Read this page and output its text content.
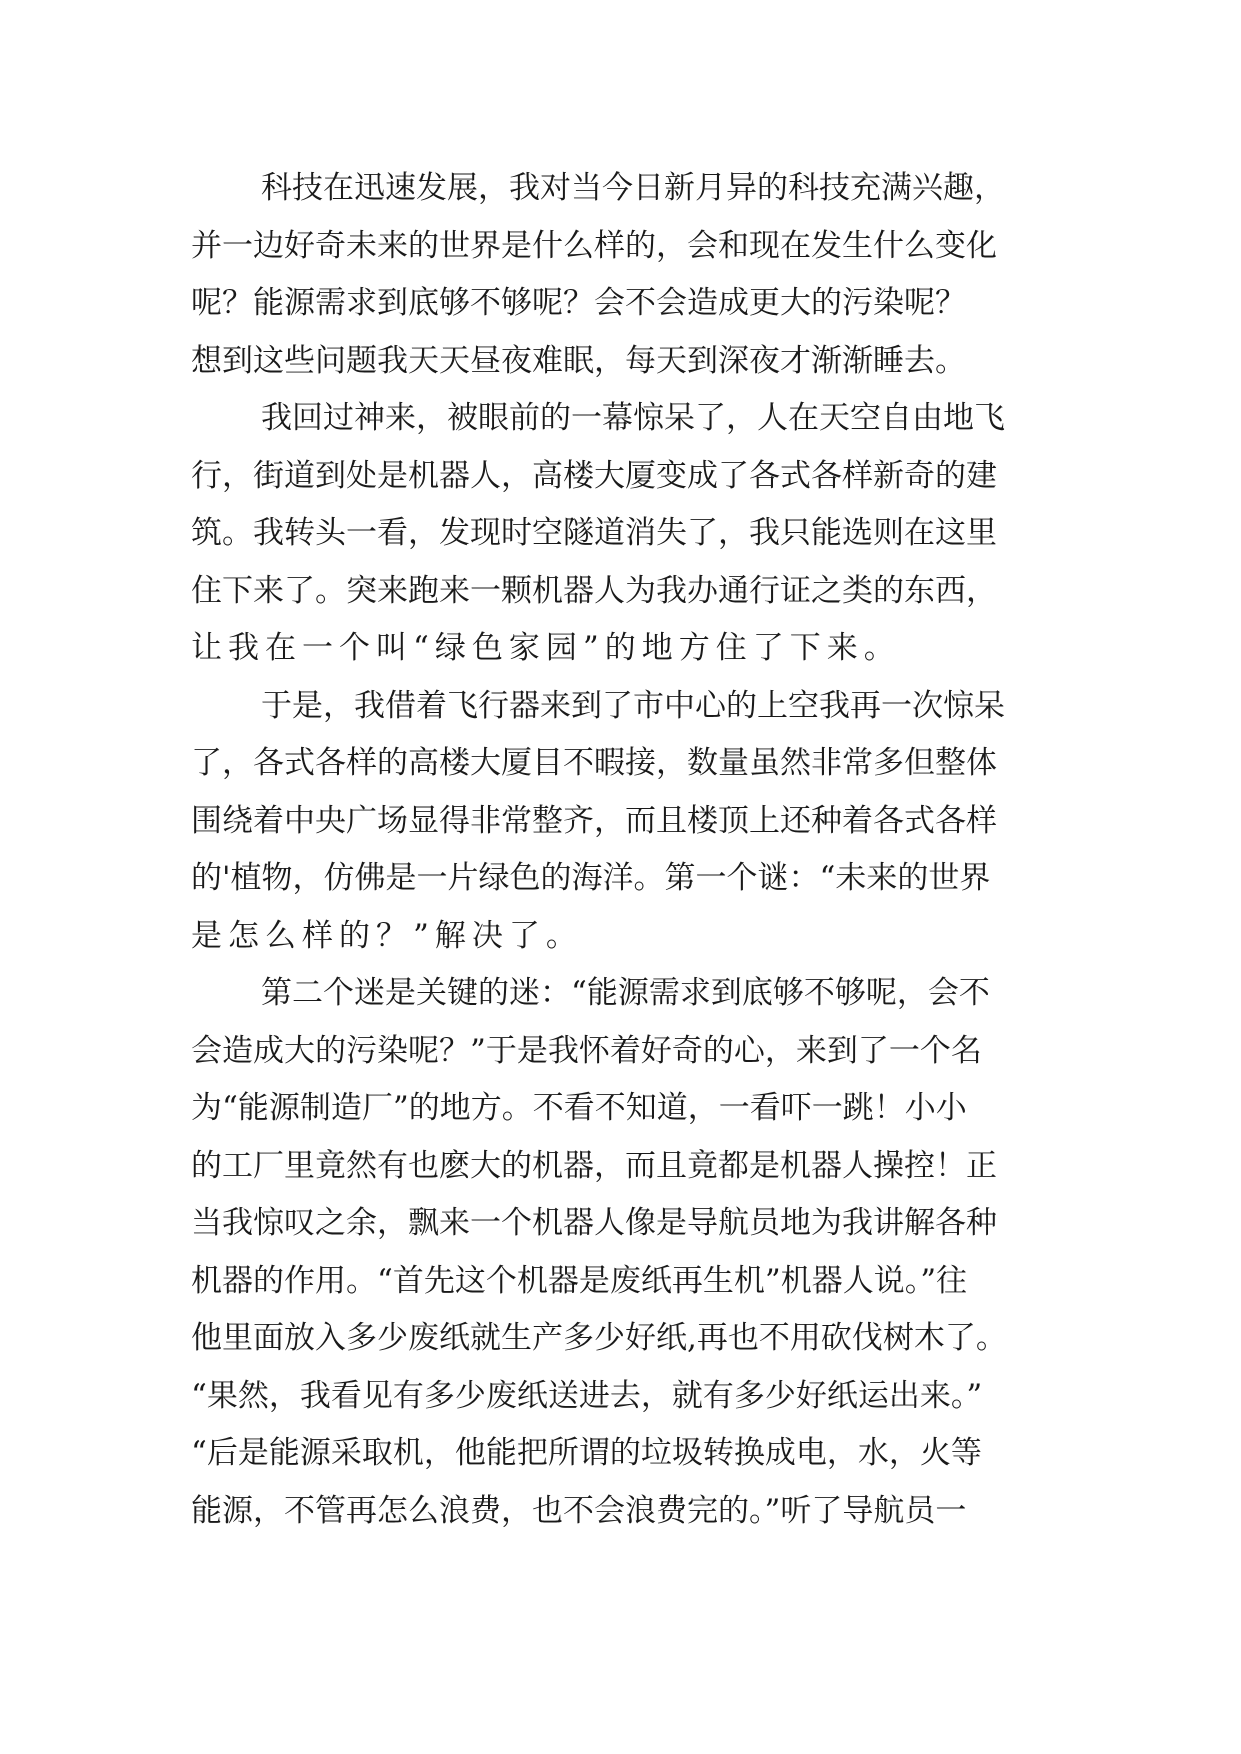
科技在迅速发展，我对当今日新月异的科技充满兴趣，
并一边好奇未来的世界是什么样的，会和现在发生什么变化
呢？能源需求到底够不够呢？会不会造成更大的污染呢？
想到这些问题我天天昼夜难眠，每天到深夜才渐渐睡去。
我回过神来，被眼前的一幕惊呆了，人在天空自由地飞
行，街道到处是机器人，高楼大厦变成了各式各样新奇的建
筑。我转头一看，发现时空隧道消失了，我只能选则在这里
住下来了。突来跑来一颗机器人为我办通行证之类的东西，
让我在一个叫“绿色家园”的地方住了下来。
于是，我借着飞行器来到了市中心的上空我再一次惊呆
了，各式各样的高楼大厦目不暇接，数量虽然非常多但整体
围绕着中央广场显得非常整齐，而且楼顶上还种着各式各样
的'植物，仿佛是一片绿色的海洋。第一个谜：“未来的世界
是怎么样的？”解决了。
第二个迷是关键的迷：“能源需求到底够不够呢，会不
会造成大的污染呢？”于是我怀着好奇的心，来到了一个名
为“能源制造厂”的地方。不看不知道，一看吓一跳！小小
的工厂里竟然有也麽大的机器，而且竟都是机器人操控！正
当我惊叹之余，飘来一个机器人像是导航员地为我讲解各种
机器的作用。“首先这个机器是废纸再生机”机器人说。”往
他里面放入多少废纸就生产多少好纸,再也不用砍伐树木了。
“果然，我看见有多少废纸送进去，就有多少好纸运出来。”
“后是能源采取机，他能把所谓的垃圾转换成电，水，火等
能源，不管再怎么浪费，也不会浪费完的。”听了导航员一
